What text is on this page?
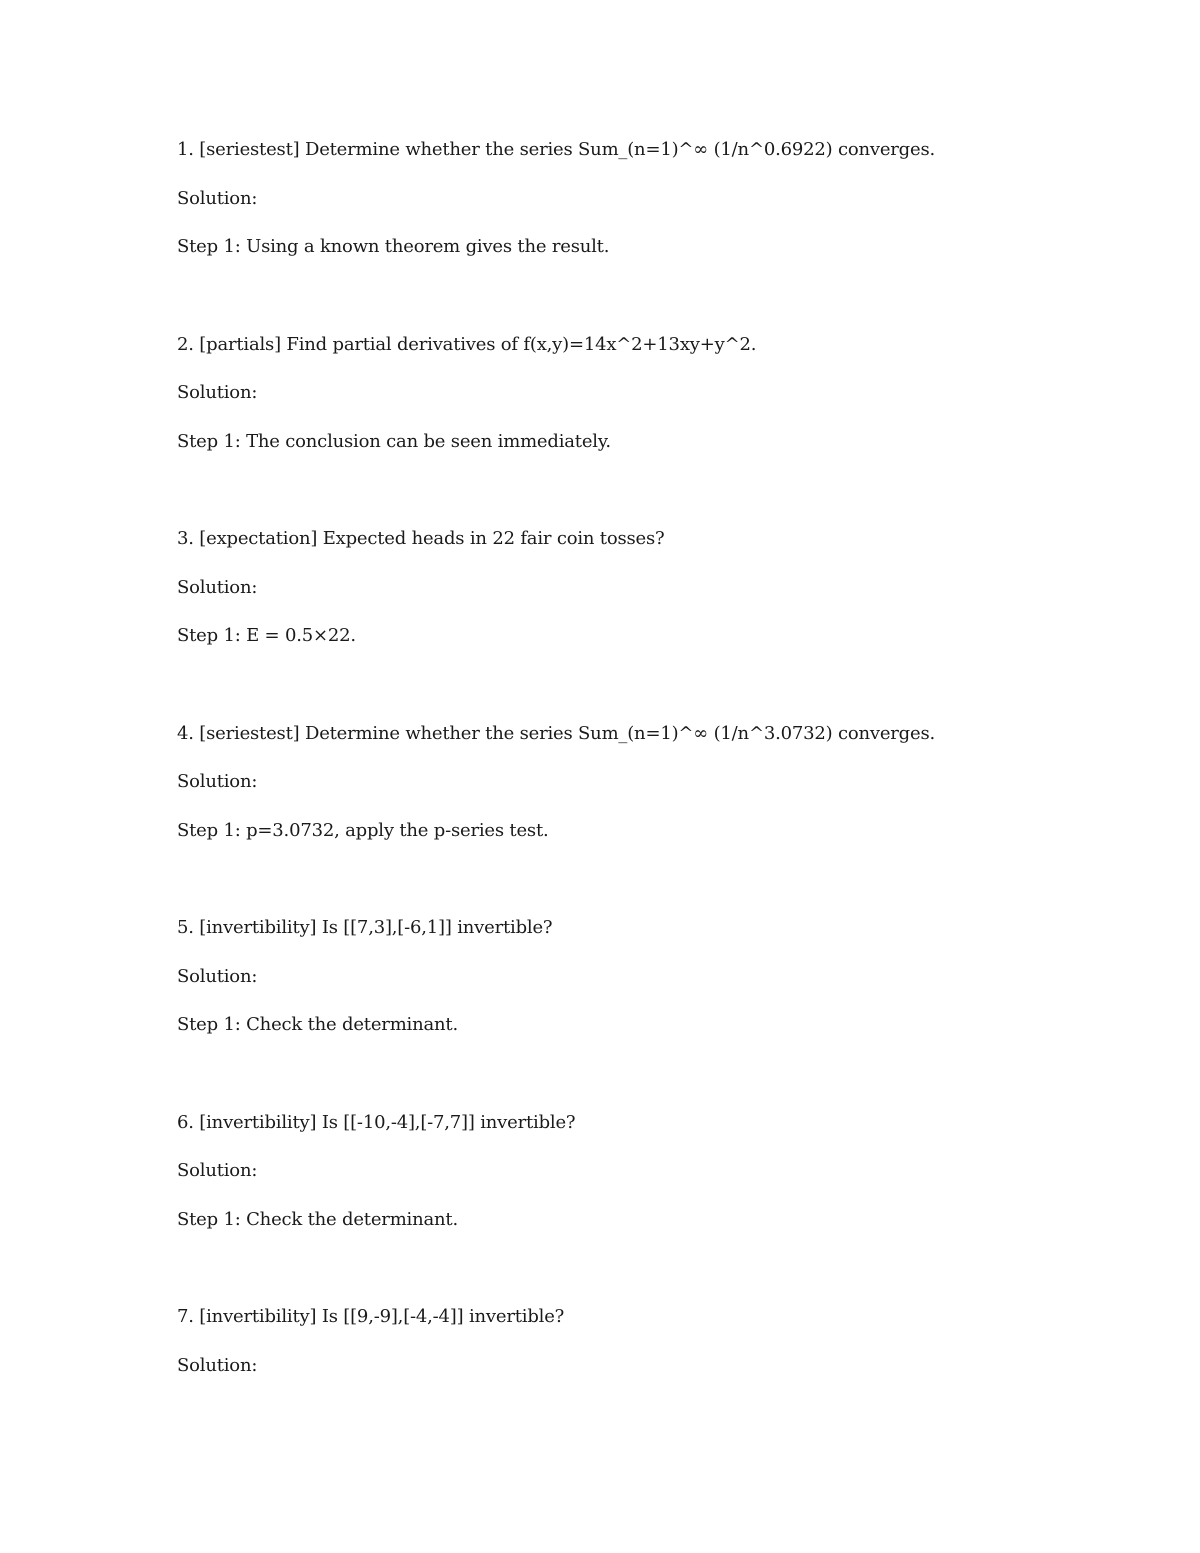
1. [seriestest] Determine whether the series Sum_(n=1)^∞ (1/n^0.6922) converges.
Solution:
Step 1: Using a known theorem gives the result.
2. [partials] Find partial derivatives of f(x,y)=14x^2+13xy+y^2.
Solution:
Step 1: The conclusion can be seen immediately.
3. [expectation] Expected heads in 22 fair coin tosses?
Solution:
Step 1: E = 0.5×22.
4. [seriestest] Determine whether the series Sum_(n=1)^∞ (1/n^3.0732) converges.
Solution:
Step 1: p=3.0732, apply the p-series test.
5. [invertibility] Is [[7,3],[-6,1]] invertible?
Solution:
Step 1: Check the determinant.
6. [invertibility] Is [[-10,-4],[-7,7]] invertible?
Solution:
Step 1: Check the determinant.
7. [invertibility] Is [[9,-9],[-4,-4]] invertible?
Solution:
